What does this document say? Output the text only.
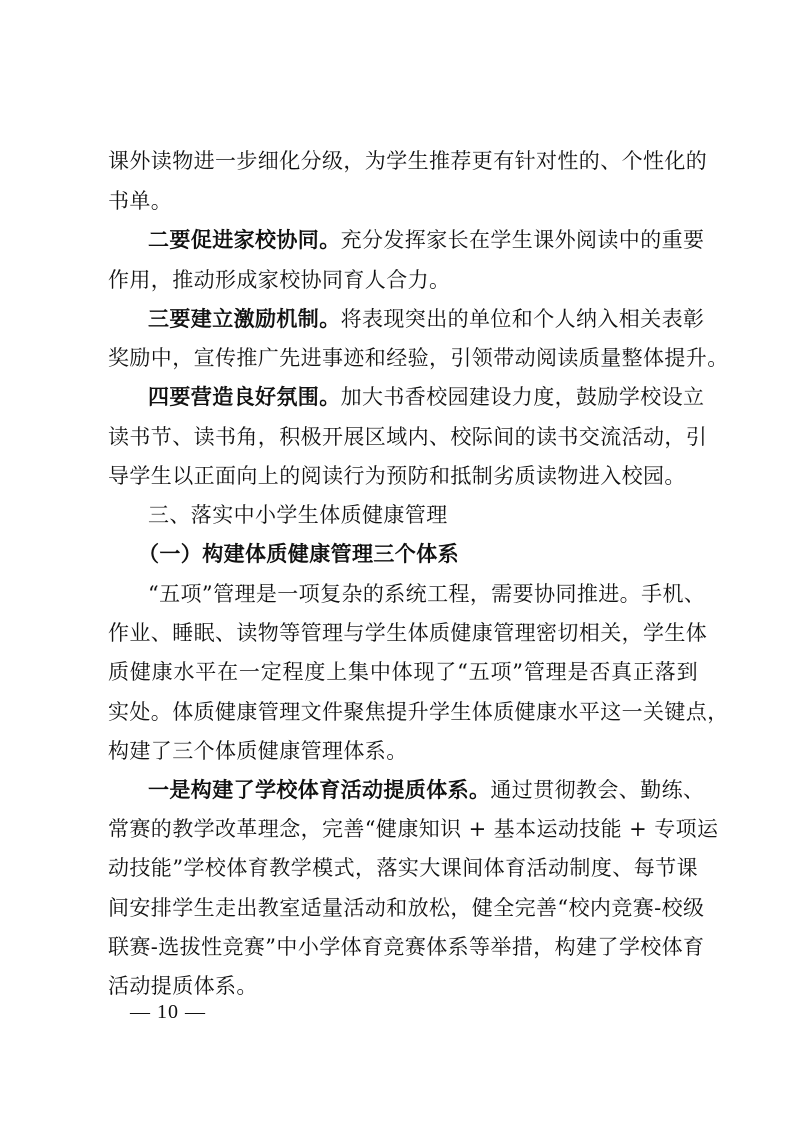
课外读物进一步细化分级，为学生推荐更有针对性的、个性化的
书单。
二要促进家校协同。充分发挥家长在学生课外阅读中的重要
作用，推动形成家校协同育人合力。
三要建立激励机制。将表现突出的单位和个人纳入相关表彰
奖励中，宣传推广先进事迹和经验，引领带动阅读质量整体提升。
四要营造良好氛围。加大书香校园建设力度，鼓励学校设立
读书节、读书角，积极开展区域内、校际间的读书交流活动，引
导学生以正面向上的阅读行为预防和抵制劣质读物进入校园。
三、落实中小学生体质健康管理
（一）构建体质健康管理三个体系
“五项”管理是一项复杂的系统工程，需要协同推进。手机、
作业、睡眠、读物等管理与学生体质健康管理密切相关，学生体
质健康水平在一定程度上集中体现了“五项”管理是否真正落到
实处。体质健康管理文件聚焦提升学生体质健康水平这一关键点，
构建了三个体质健康管理体系。
一是构建了学校体育活动提质体系。通过贯彻教会、勤练、
常赛的教学改革理念，完善“健康知识 + 基本运动技能 + 专项运
动技能”学校体育教学模式，落实大课间体育活动制度、每节课
间安排学生走出教室适量活动和放松，健全完善“校内竞赛-校级
联赛-选拔性竞赛”中小学体育竞赛体系等举措，构建了学校体育
活动提质体系。
— 10 —
